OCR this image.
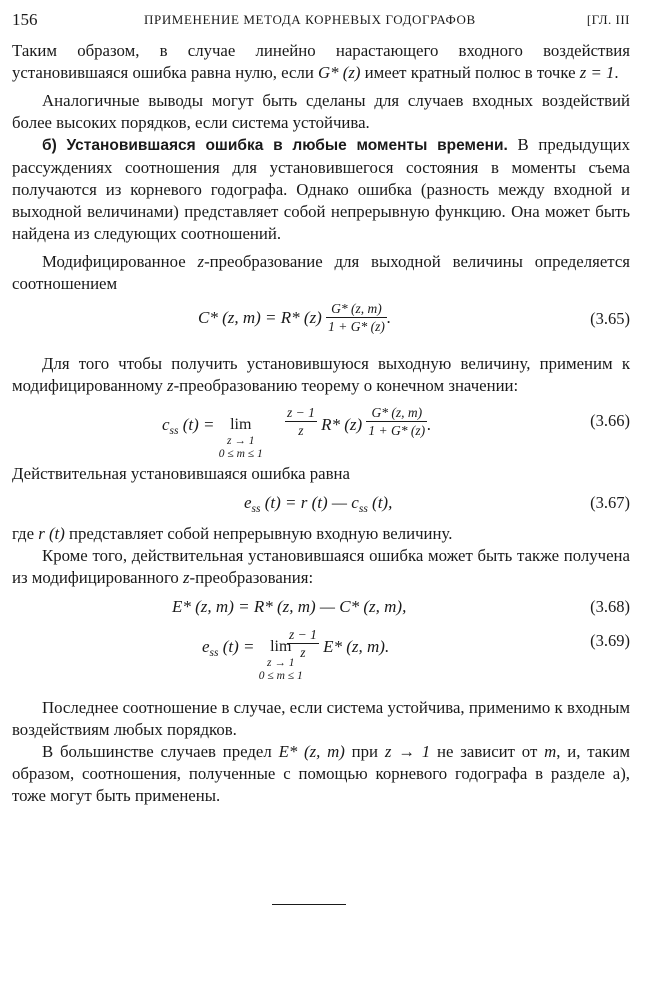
156	ПРИМЕНЕНИЕ МЕТОДА КОРНЕВЫХ ГОДОГРАФОВ	[ГЛ. III

Таким образом, в случае линейно нарастающего входного воздействия установившаяся ошибка равна нулю, если G* (z) имеет кратный полюс в точке z = 1.

Аналогичные выводы могут быть сделаны для случаев входных воздействий более высоких порядков, если система устойчива.

б) Установившаяся ошибка в любые моменты времени. В предыдущих рассуждениях соотношения для установившегося состояния в моменты съема получаются из корневого годографа. Однако ошибка (разность между входной и выходной величинами) представляет собой непрерывную функцию. Она может быть найдена из следующих соотношений.

Модифицированное z-преобразование для выходной величины определяется соотношением

C* (z, m) = R* $(z) \frac{G* (z, m)}{1 + G* (z)}$ .	(3.65)

Для того чтобы получить установившуюся выходную величину, применим к модифицированному z-преобразованию теорему о конечном значении:

$c_{ss}$ (t) = lim
z → 1
0 ≤ m ≤ 1

$\frac{z - 1}{z} R*$ $(z) \frac{G* (z, m)}{1 + G* (z)}$ .	(3.66)

Действительная установившаяся ошибка равна

$e_{ss}$ (t) = r (t) — $c_{ss}$ (t),	(3.67)

где r (t) представляет собой непрерывную входную величину.

Кроме того, действительная установившаяся ошибка может быть также получена из модифицированного z-преобразования:

E* (z, m) = R* (z, m) — C* (z, m),	(3.68)
$e_{ss}$ (t) = lim
z → 1
0 ≤ m ≤ 1

$\frac{z - 1}{z} E*$ (z, m).	(3.69)

Последнее соотношение в случае, если система устойчива, применимо к входным воздействиям любых порядков.

В большинстве случаев предел E* (z, m) при z → 1 не зависит от m, и, таким образом, соотношения, полученные с помощью корневого годографа в разделе а), тоже могут быть применены.
